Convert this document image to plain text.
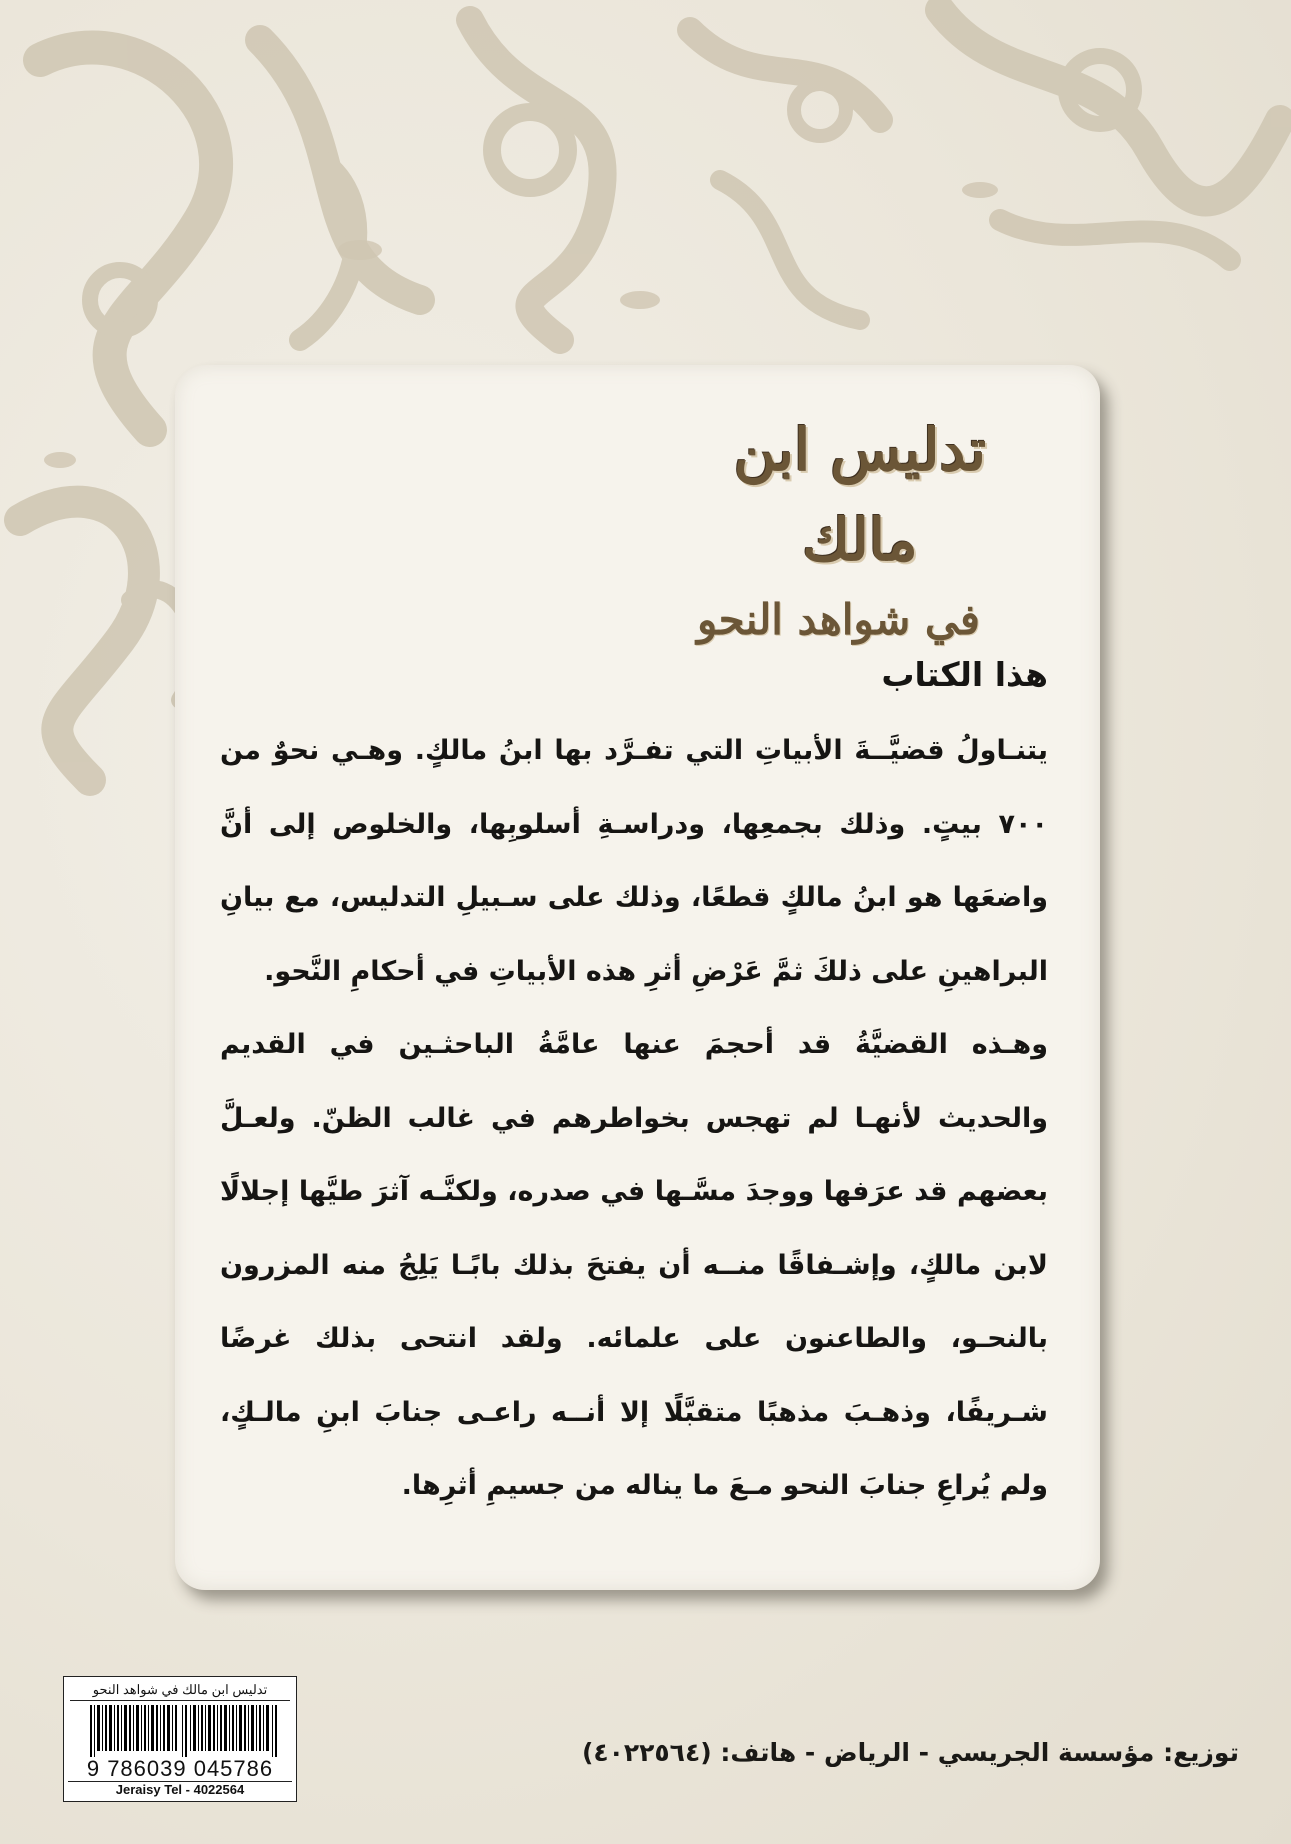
تدليس ابن مالك
في شواهد النحو
هذا الكتاب

يتنـاولُ قضيَّــةَ الأبياتِ التي تفـرَّد بها ابنُ مالكٍ. وهـي نحوٌ من ٧٠٠ بيتٍ. وذلك بجمعِها، ودراسـةِ أسلوبِها، والخلوص إلى أنَّ واضعَها هو ابنُ مالكٍ قطعًا، وذلك على سـبيلِ التدليس، مع بيانِ البراهينِ على ذلكَ ثمَّ عَرْضِ أثرِ هذه الأبياتِ في أحكامِ النَّحو.

وهـذه القضيَّةُ قد أحجمَ عنها عامَّةُ الباحثـين في القديم والحديث لأنهـا لم تهجس بخواطرهم في غالب الظنّ. ولعـلَّ بعضهم قد عرَفها ووجدَ مسَّـها في صدره، ولكنَّـه آثرَ طيَّها إجلالًا لابن مالكٍ، وإشـفاقًا منــه أن يفتحَ بذلك بابًـا يَلِجُ منه المزرون بالنحـو، والطاعنون على علمائه. ولقد انتحى بذلك غرضًا شـريفًا، وذهـبَ مذهبًا متقبَّلًا إلا أنــه راعـى جنابَ ابنِ مالـكٍ، ولم يُراعِ جنابَ النحو مـعَ ما يناله من جسيمِ أثرِها.

تدليس ابن مالك في شواهد النحو
9 786039 045786
Jeraisy Tel - 4022564
توزيع: مؤسسة الجريسي - الرياض - هاتف: (٤٠٢٢٥٦٤)
